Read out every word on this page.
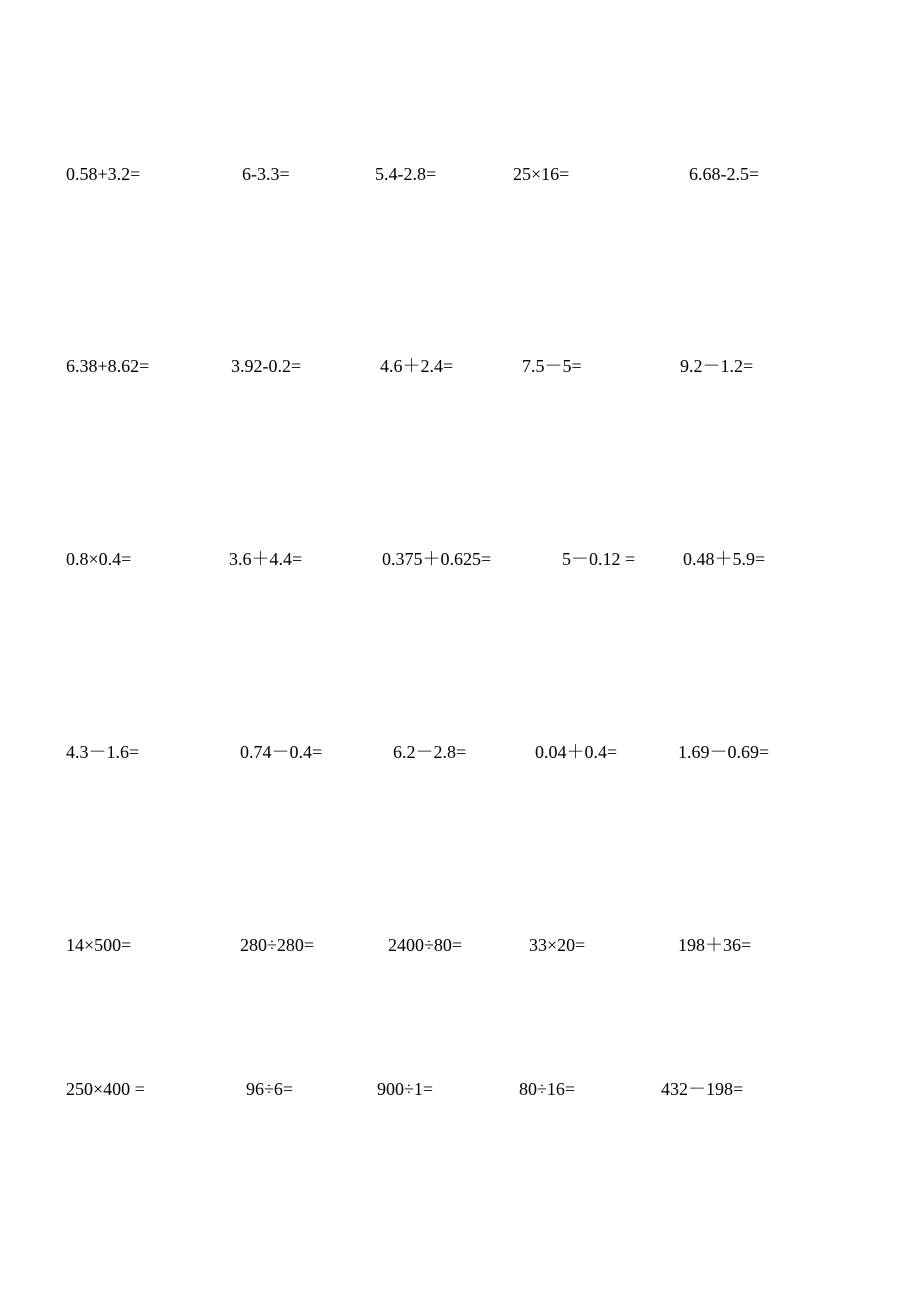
0.58+3.2=	6-3.3=	5.4-2.8=	25×16=	6.68-2.5=
6.38+8.62=	3.92-0.2=	4.6＋2.4=	7.5－5=	9.2－1.2=
0.8×0.4=	3.6＋4.4=	0.375＋0.625=	5－0.12 =	0.48＋5.9=
4.3－1.6=	0.74－0.4=	6.2－2.8=	0.04＋0.4=	1.69－0.69=
14×500=	280÷280=	2400÷80=	33×20=	198＋36=
250×400 =	96÷6=	900÷1=	80÷16=	432－198=
